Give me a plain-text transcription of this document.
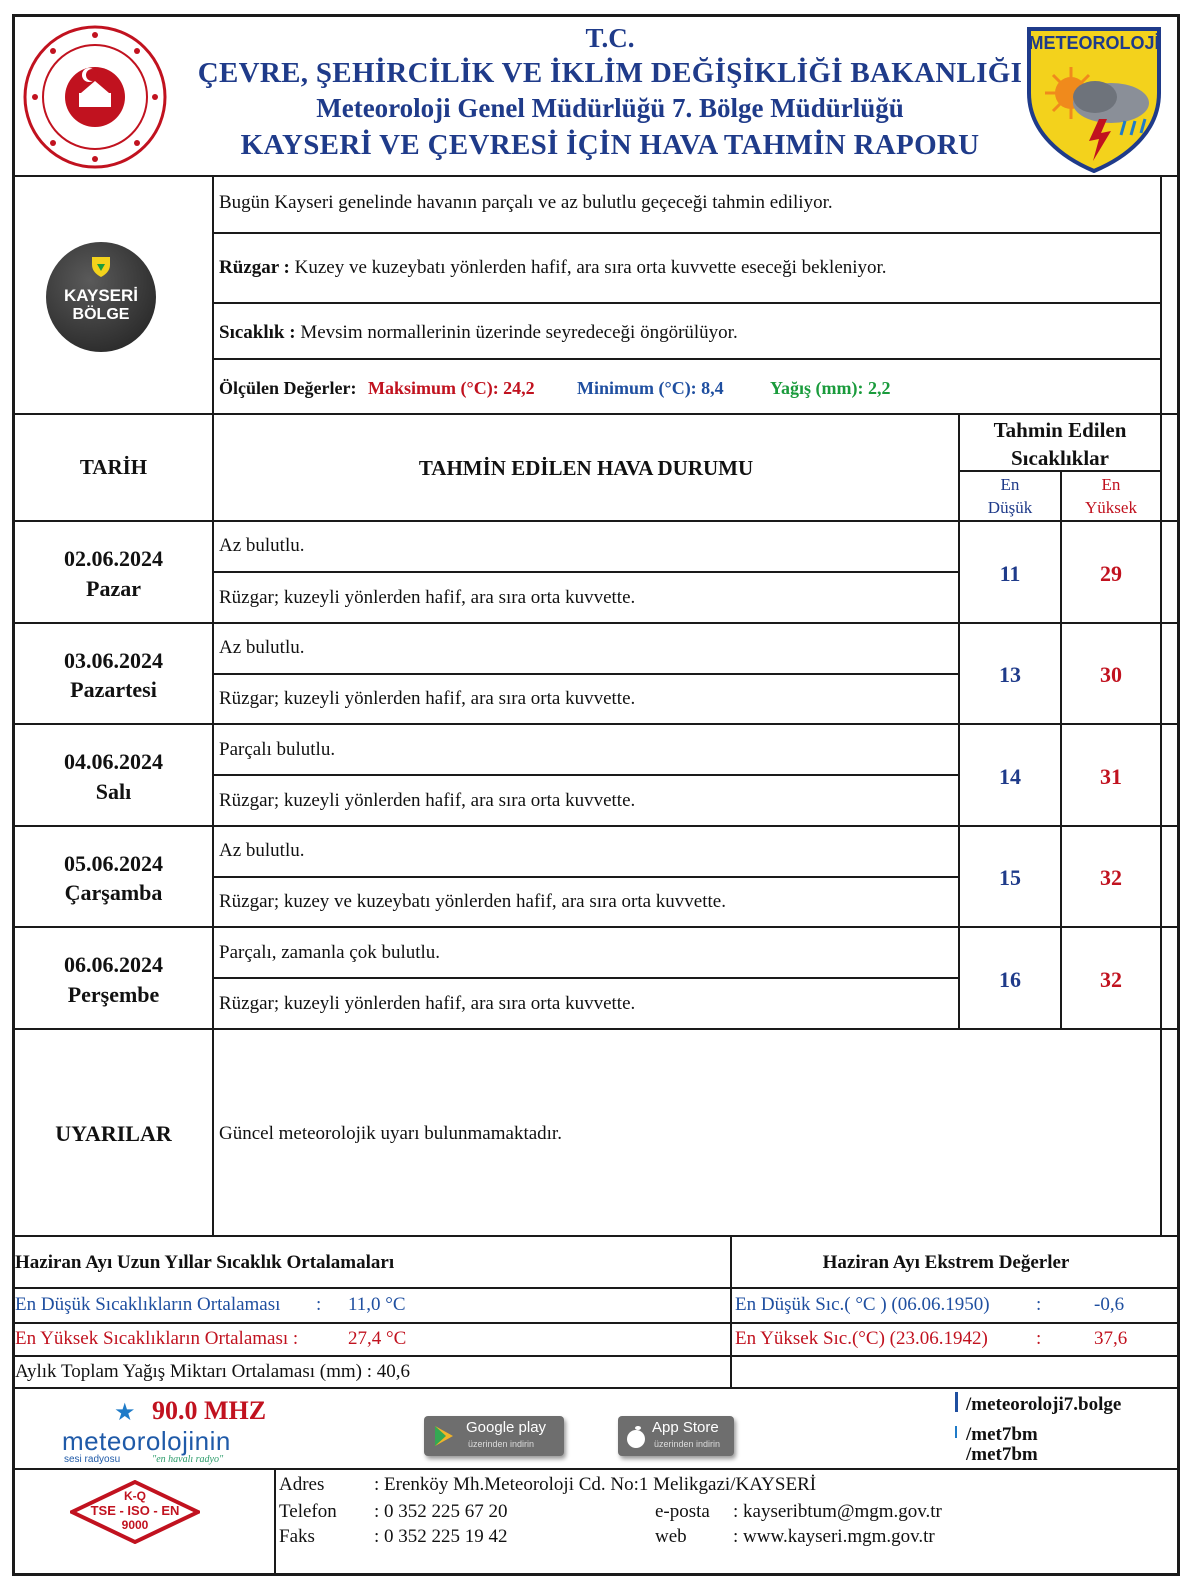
T.C.
ÇEVRE, ŞEHİRCİLİK VE İKLİM DEĞİŞİKLİĞİ BAKANLIĞI
Meteoroloji Genel Müdürlüğü 7. Bölge Müdürlüğü
KAYSERİ VE ÇEVRESİ İÇİN HAVA TAHMİN RAPORU
METEOROLOJİ
KAYSERİ
BÖLGE
Bugün Kayseri genelinde havanın parçalı ve az bulutlu geçeceği tahmin ediliyor.
Rüzgar : Kuzey ve kuzeybatı yönlerden hafif, ara sıra orta kuvvette eseceği bekleniyor.
Sıcaklık : Mevsim normallerinin üzerinde seyredeceği öngörülüyor.
Ölçülen Değerler: Maksimum (°C): 24,2 Minimum (°C): 8,4	Yağış (mm): 2,2
TARİH	TAHMİN EDİLEN HAVA DURUMU
Tahmin Edilen
Sıcaklıklar
En
Düşük
En
Yüksek
02.06.2024
Pazar
Az bulutlu.
Rüzgar; kuzeyli yönlerden hafif, ara sıra orta kuvvette.
11	29
03.06.2024
Pazartesi
Az bulutlu.
Rüzgar; kuzeyli yönlerden hafif, ara sıra orta kuvvette.
13	30
04.06.2024
Salı
Parçalı bulutlu.
Rüzgar; kuzeyli yönlerden hafif, ara sıra orta kuvvette.
14	31
05.06.2024
Çarşamba
Az bulutlu.
Rüzgar; kuzey ve kuzeybatı yönlerden hafif, ara sıra orta kuvvette.
15	32
06.06.2024
Perşembe
Parçalı, zamanla çok bulutlu.
Rüzgar; kuzeyli yönlerden hafif, ara sıra orta kuvvette.
16	32
UYARILAR	Güncel meteorolojik uyarı bulunmamaktadır.
Haziran Ayı Uzun Yıllar Sıcaklık Ortalamaları	Haziran Ayı Ekstrem Değerler
En Düşük Sıcaklıkların Ortalaması : 11,0 °C
En Yüksek Sıcaklıkların Ortalaması :	27,4 °C
Aylık Toplam Yağış Miktarı Ortalaması (mm) : 40,6
En Düşük Sıc.( °C ) (06.06.1950) :	-0,6
En Yüksek Sıc.(°C) (23.06.1942)	:	37,6
★ 90.0 MHZ
meteorolojinin
sesi radyosu	"en havalı radyo"
Google play
üzerinden indirin
App Store
üzerinden indirin
/meteoroloji7.bolge
/met7bm
/met7bm
K-Q
TSE - ISO - EN
9000
Adres	: Erenköy Mh.Meteoroloji Cd. No:1 Melikgazi/KAYSERİ
Telefon : 0 352 225 67 20
Faks	: 0 352 225 19 42
e-posta : kayseribtum@mgm.gov.tr
web : www.kayseri.mgm.gov.tr
